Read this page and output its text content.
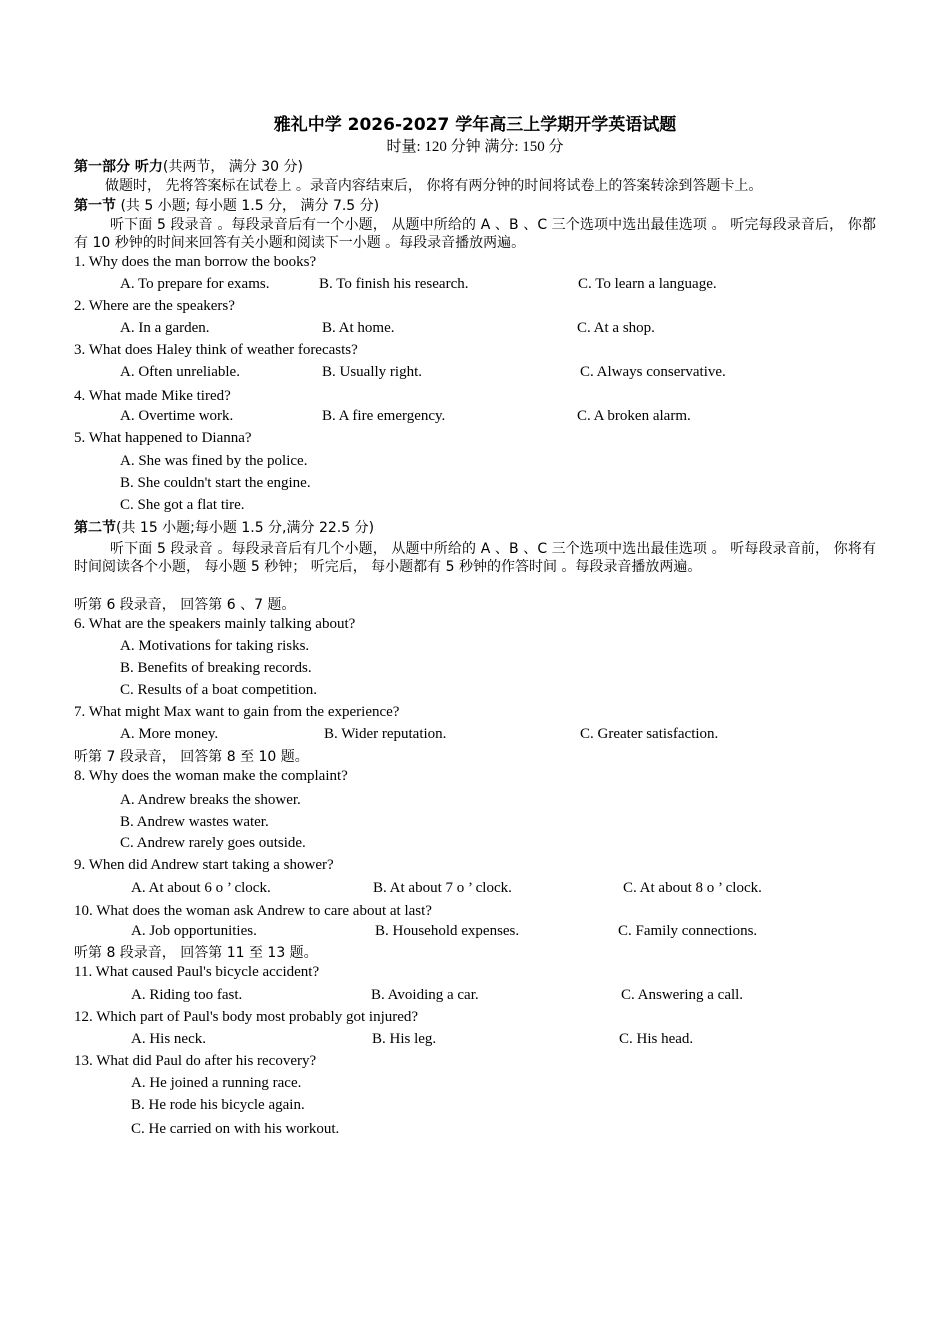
雅礼中学 2026-2027 学年高三上学期开学英语试题
时量: 120 分钟 满分: 150 分
第一部分 听力(共两节， 满分 30 分)
做题时， 先将答案标在试卷上 。录音内容结束后， 你将有两分钟的时间将试卷上的答案转涂到答题卡上。
第一节 (共 5 小题; 每小题 1.5 分， 满分 7.5 分)
听下面 5 段录音 。每段录音后有一个小题， 从题中所给的 A 、B 、C 三个选项中选出最佳选项 。 听完每段录音后， 你都有 10 秒钟的时间来回答有关小题和阅读下一小题 。每段录音播放两遍。
1. Why does the man borrow the books?
A. To prepare for exams.	B. To finish his research.	C. To learn a language.
2. Where are the speakers?
A. In a garden.	B. At home.	C. At a shop.
3. What does Haley think of weather forecasts?
A. Often unreliable.	B. Usually right.	C. Always conservative.
4. What made Mike tired?
A. Overtime work.	B. A fire emergency.	C. A broken alarm.
5. What happened to Dianna?
A. She was fined by the police.
B. She couldn't start the engine.
C. She got a flat tire.
第二节(共 15 小题;每小题 1.5 分,满分 22.5 分)
听下面 5 段录音 。每段录音后有几个小题， 从题中所给的 A 、B 、C 三个选项中选出最佳选项 。 听每段录音前， 你将有时间阅读各个小题， 每小题 5 秒钟； 听完后， 每小题都有 5 秒钟的作答时间 。每段录音播放两遍。
听第 6 段录音， 回答第 6 、7 题。
6. What are the speakers mainly talking about?
A. Motivations for taking risks.
B. Benefits of breaking records.
C. Results of a boat competition.
7. What might Max want to gain from the experience?
A. More money.	B. Wider reputation.	C. Greater satisfaction.
听第 7 段录音， 回答第 8 至 10 题。
8. Why does the woman make the complaint?
A. Andrew breaks the shower.
B. Andrew wastes water.
C. Andrew rarely goes outside.
9. When did Andrew start taking a shower?
A. At about 6 o ’ clock.	B. At about 7 o ’ clock.	C. At about 8 o ’ clock.
10. What does the woman ask Andrew to care about at last?
A. Job opportunities.	B. Household expenses.	C. Family connections.
听第 8 段录音， 回答第 11 至 13 题。
11. What caused Paul's bicycle accident?
A. Riding too fast.	B. Avoiding a car.	C. Answering a call.
12. Which part of Paul's body most probably got injured?
A. His neck.	B. His leg.	C. His head.
13. What did Paul do after his recovery?
A. He joined a running race.
B. He rode his bicycle again.
C. He carried on with his workout.
